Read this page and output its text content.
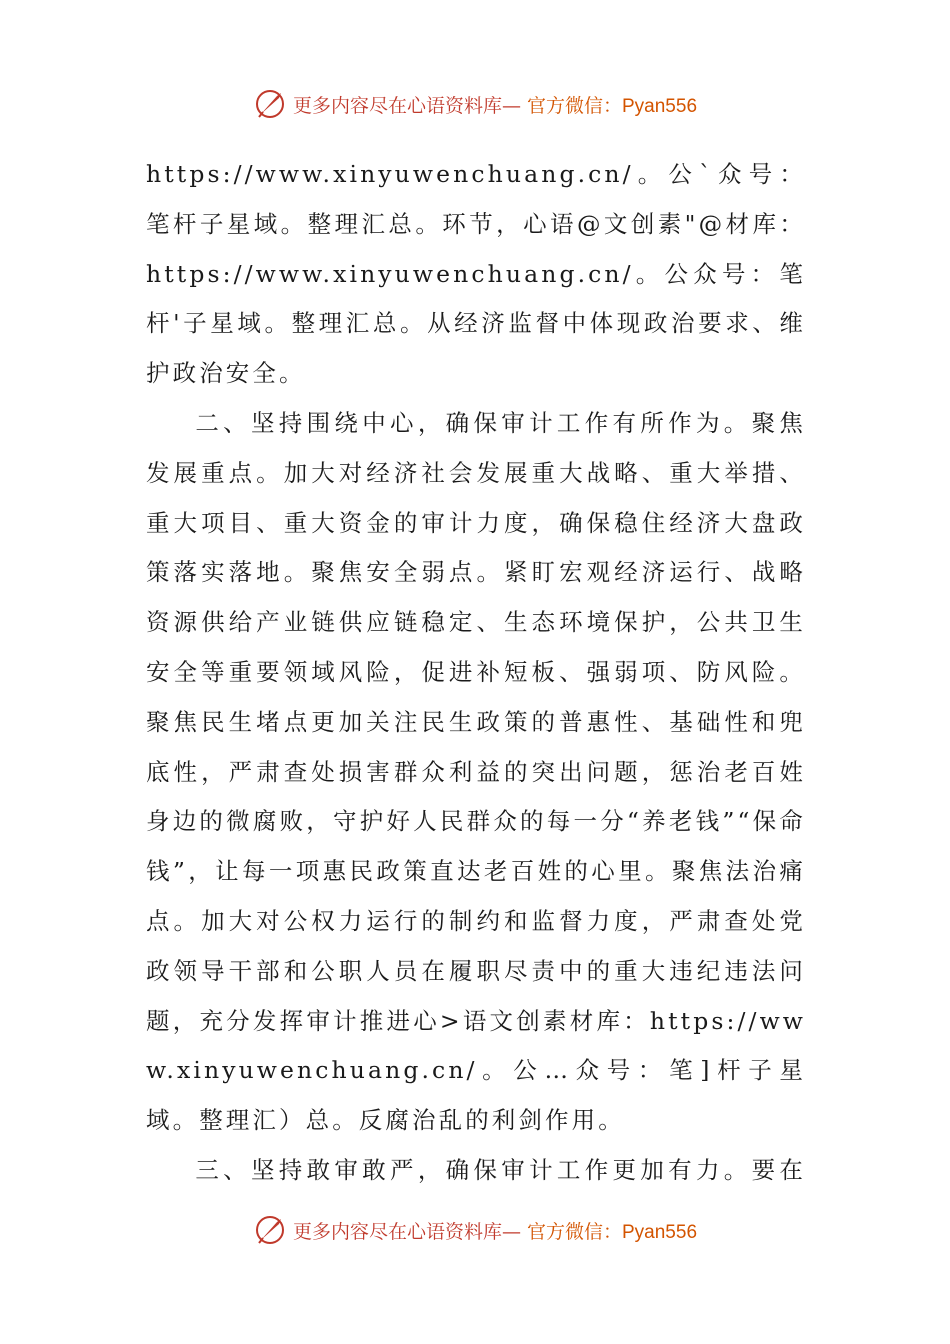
更多内容尽在心语资料库— 官方微信：Pyan556

https://www.xinyuwenchuang.cn/。公`众号：笔杆子星域。整理汇总。环节，心语@文创素"@材库：https://www.xinyuwenchuang.cn/。公众号：笔杆'子星域。整理汇总。从经济监督中体现政治要求、维护政治安全。

二、坚持围绕中心，确保审计工作有所作为。聚焦发展重点。加大对经济社会发展重大战略、重大举措、重大项目、重大资金的审计力度，确保稳住经济大盘政策落实落地。聚焦安全弱点。紧盯宏观经济运行、战略资源供给产业链供应链稳定、生态环境保护，公共卫生安全等重要领域风险，促进补短板、强弱项、防风险。聚焦民生堵点更加关注民生政策的普惠性、基础性和兜底性，严肃查处损害群众利益的突出问题，惩治老百姓身边的微腐败，守护好人民群众的每一分“养老钱”“保命钱”，让每一项惠民政策直达老百姓的心里。聚焦法治痛点。加大对公权力运行的制约和监督力度，严肃查处党政领导干部和公职人员在履职尽责中的重大违纪违法问题，充分发挥审计推进心>语文创素材库：https://www.xinyuwenchuang.cn/。公…众号：笔]杆子星域。整理汇）总。反腐治乱的利剑作用。

三、坚持敢审敢严，确保审计工作更加有力。要在

更多内容尽在心语资料库— 官方微信：Pyan556
